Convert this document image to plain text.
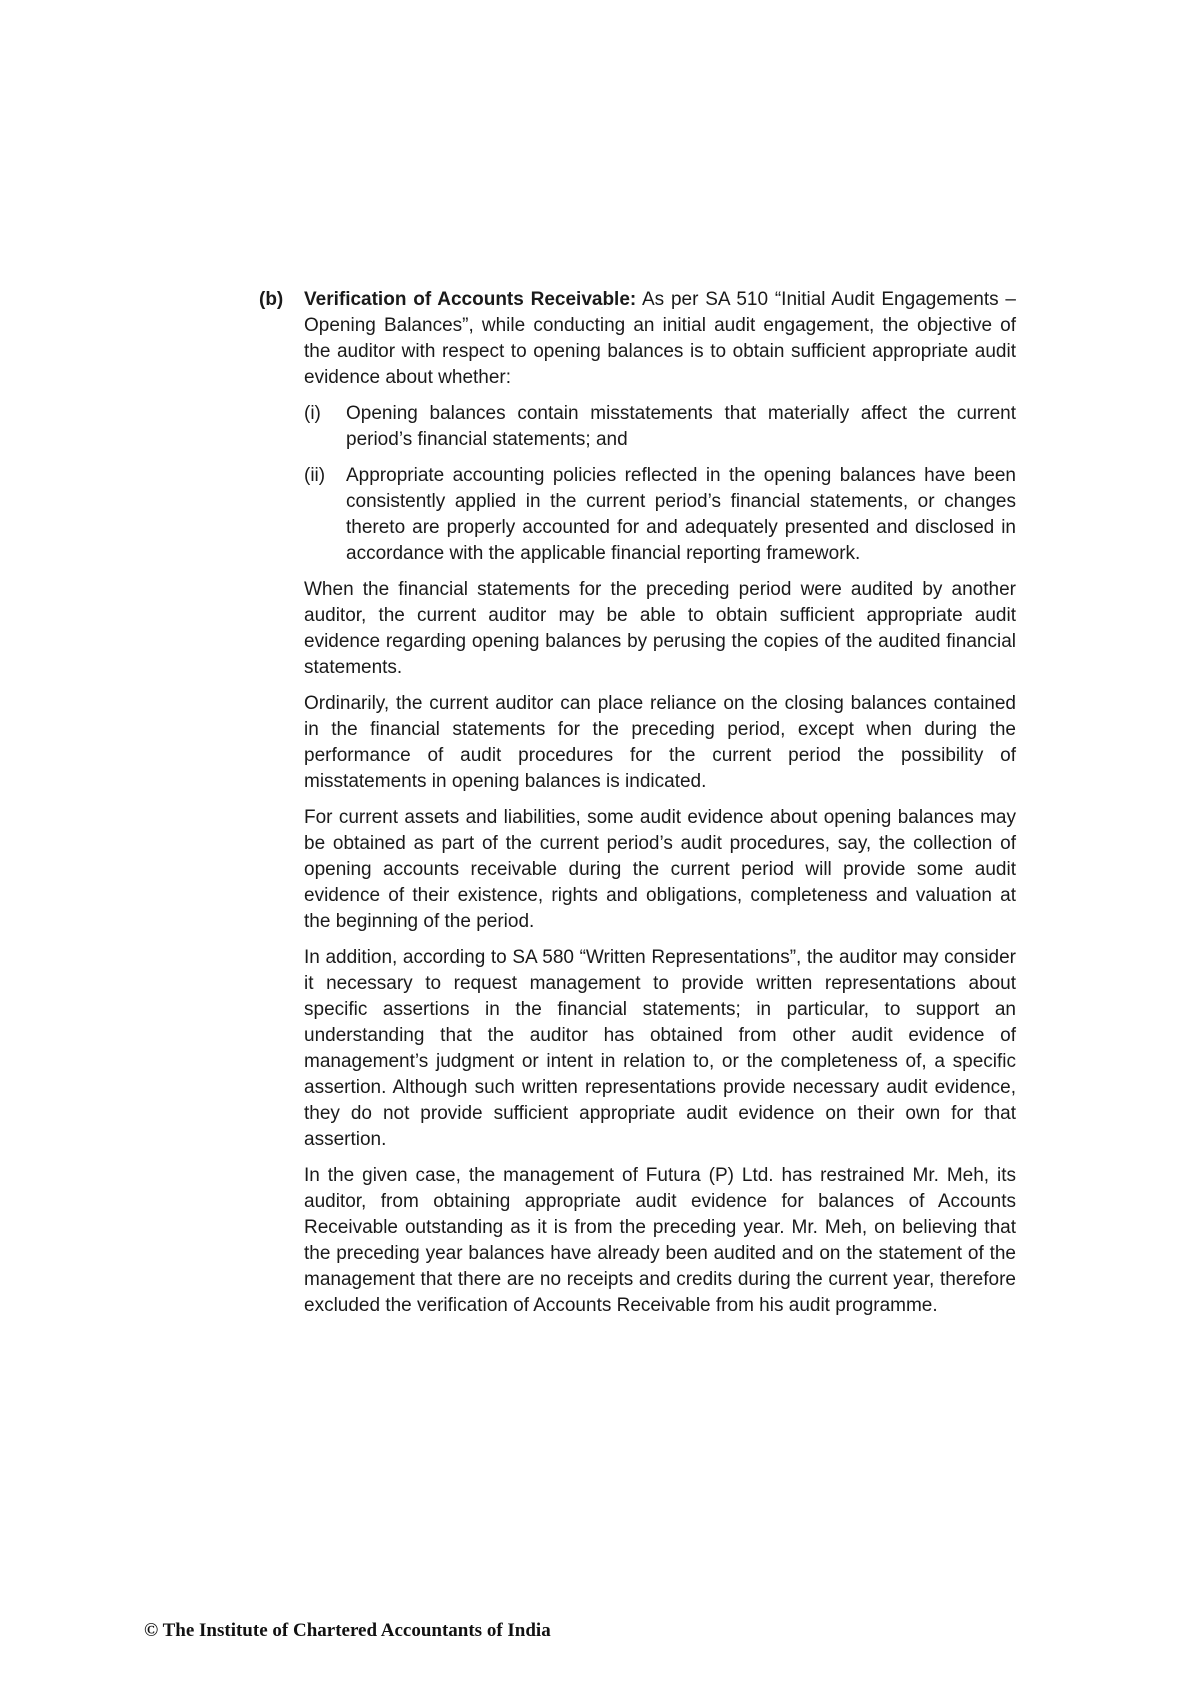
(b)	Verification of Accounts Receivable: As per SA 510 “Initial Audit Engagements – Opening Balances”, while conducting an initial audit engagement, the objective of the auditor with respect to opening balances is to obtain sufficient appropriate audit evidence about whether:
(i)	Opening balances contain misstatements that materially affect the current period’s financial statements; and
(ii)	Appropriate accounting policies reflected in the opening balances have been consistently applied in the current period’s financial statements, or changes thereto are properly accounted for and adequately presented and disclosed in accordance with the applicable financial reporting framework.

When the financial statements for the preceding period were audited by another auditor, the current auditor may be able to obtain sufficient appropriate audit evidence regarding opening balances by perusing the copies of the audited financial statements.

Ordinarily, the current auditor can place reliance on the closing balances contained in the financial statements for the preceding period, except when during the performance of audit procedures for the current period the possibility of misstatements in opening balances is indicated.

For current assets and liabilities, some audit evidence about opening balances may be obtained as part of the current period’s audit procedures, say, the collection of opening accounts receivable during the current period will provide some audit evidence of their existence, rights and obligations, completeness and valuation at the beginning of the period.

In addition, according to SA 580 “Written Representations”, the auditor may consider it necessary to request management to provide written representations about specific assertions in the financial statements; in particular, to support an understanding that the auditor has obtained from other audit evidence of management’s judgment or intent in relation to, or the completeness of, a specific assertion. Although such written representations provide necessary audit evidence, they do not provide sufficient appropriate audit evidence on their own for that assertion.

In the given case, the management of Futura (P) Ltd. has restrained Mr. Meh, its auditor, from obtaining appropriate audit evidence for balances of Accounts Receivable outstanding as it is from the preceding year. Mr. Meh, on believing that the preceding year balances have already been audited and on the statement of the management that there are no receipts and credits during the current year, therefore excluded the verification of Accounts Receivable from his audit programme.

© The Institute of Chartered Accountants of India
